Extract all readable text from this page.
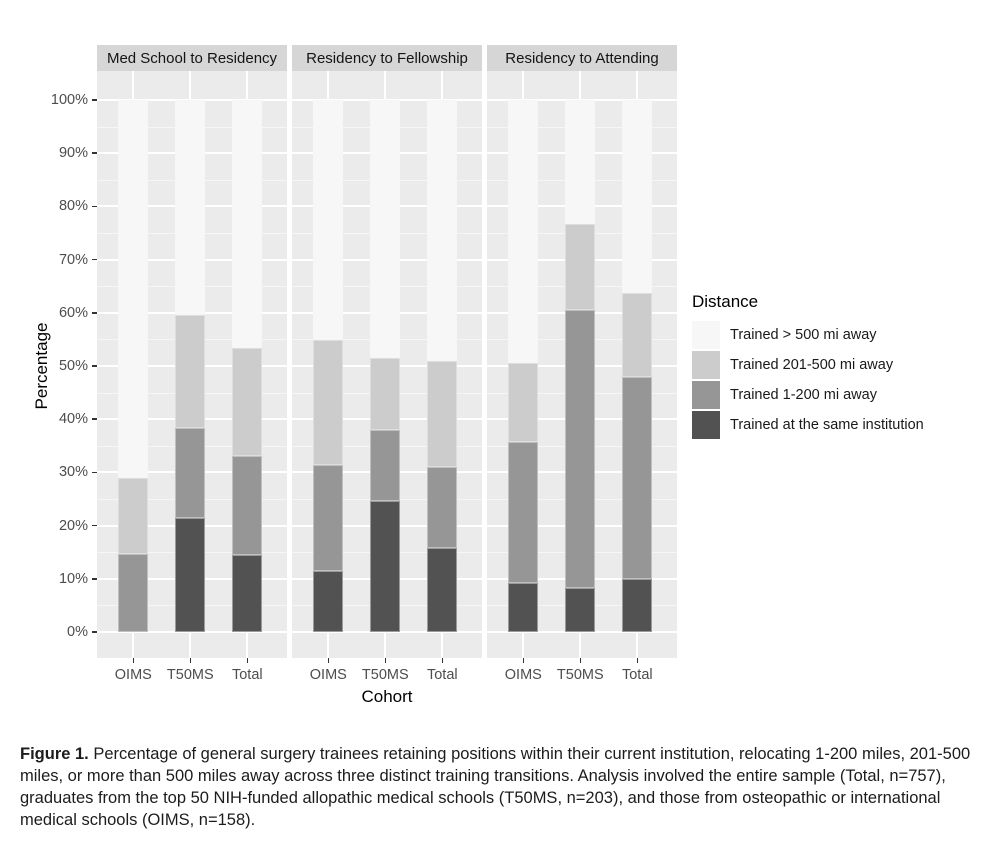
Percentage
Cohort
0%
10%
20%
30%
40%
50%
60%
70%
80%
90%
100%
Med School to Residency
OIMS T50MS Total
Residency to Fellowship
OIMS T50MS Total
Residency to Attending
OIMS T50MS Total
Distance
Trained > 500 mi away
Trained 201-500 mi away
Trained 1-200 mi away
Trained at the same institution

Figure 1. Percentage of general surgery trainees retaining positions within their current institution, relocating 1-200 miles, 201-500 miles, or more than 500 miles away across three distinct training transitions. Analysis involved the entire sample (Total, n=757), graduates from the top 50 NIH-funded allopathic medical schools (T50MS, n=203), and those from osteopathic or international medical schools (OIMS, n=158).
